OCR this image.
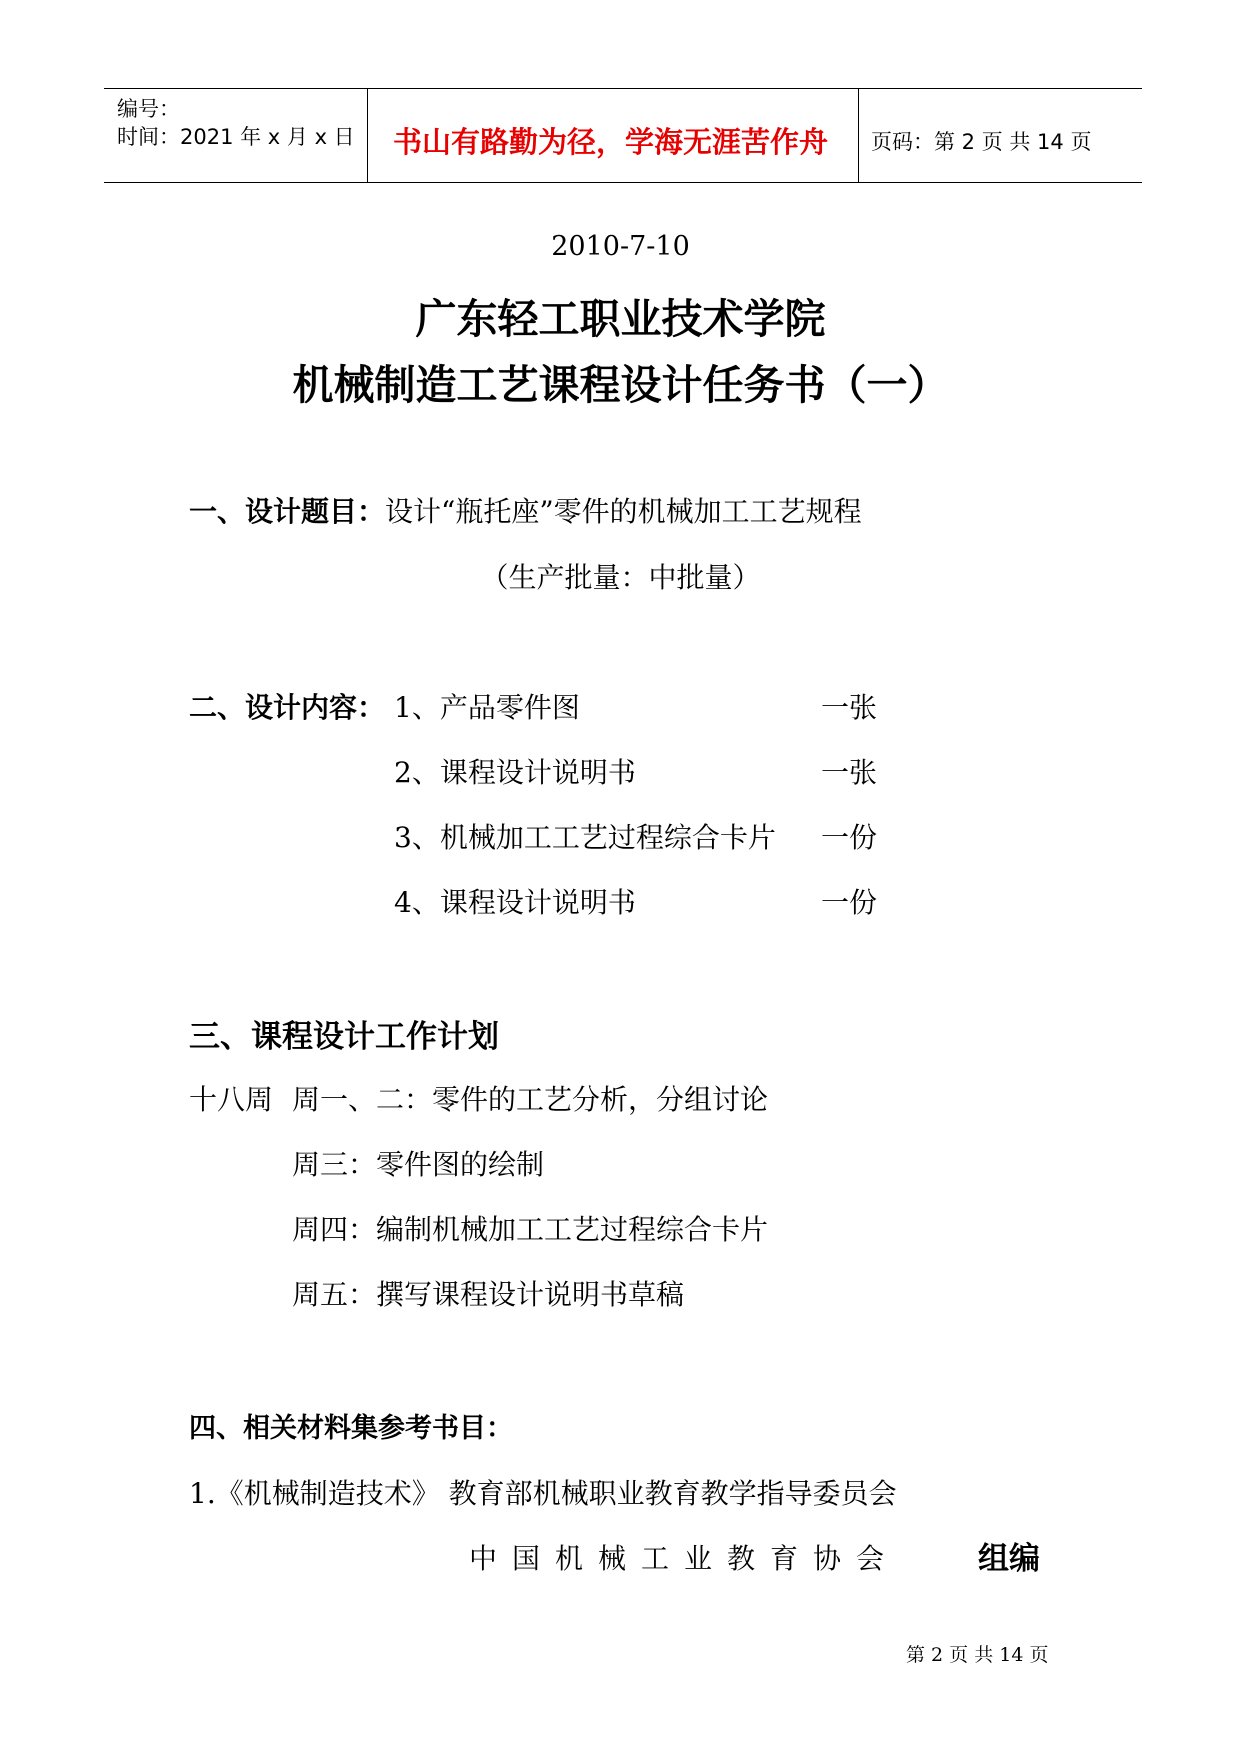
编号：
时间：2021 年 x 月 x 日 书山有路勤为径，学海无涯苦作舟 页码：第 2 页 共 14 页
2010-7-10
广东轻工职业技术学院
机械制造工艺课程设计任务书（一）
一、设计题目：设计“瓶托座”零件的机械加工工艺规程
（生产批量：中批量）
二、设计内容： 1、产品零件图	一张
2、课程设计说明书	一张
3、机械加工工艺过程综合卡片 一份
4、课程设计说明书	一份
三、课程设计工作计划
十八周 周一、二：零件的工艺分析，分组讨论
周三：零件图的绘制
周四：编制机械加工工艺过程综合卡片
周五：撰写课程设计说明书草稿
四、相关材料集参考书目：
1.《机械制造技术》 教育部机械职业教育教学指导委员会
中国机械工业教育协会	组编
第 2 页 共 14 页
